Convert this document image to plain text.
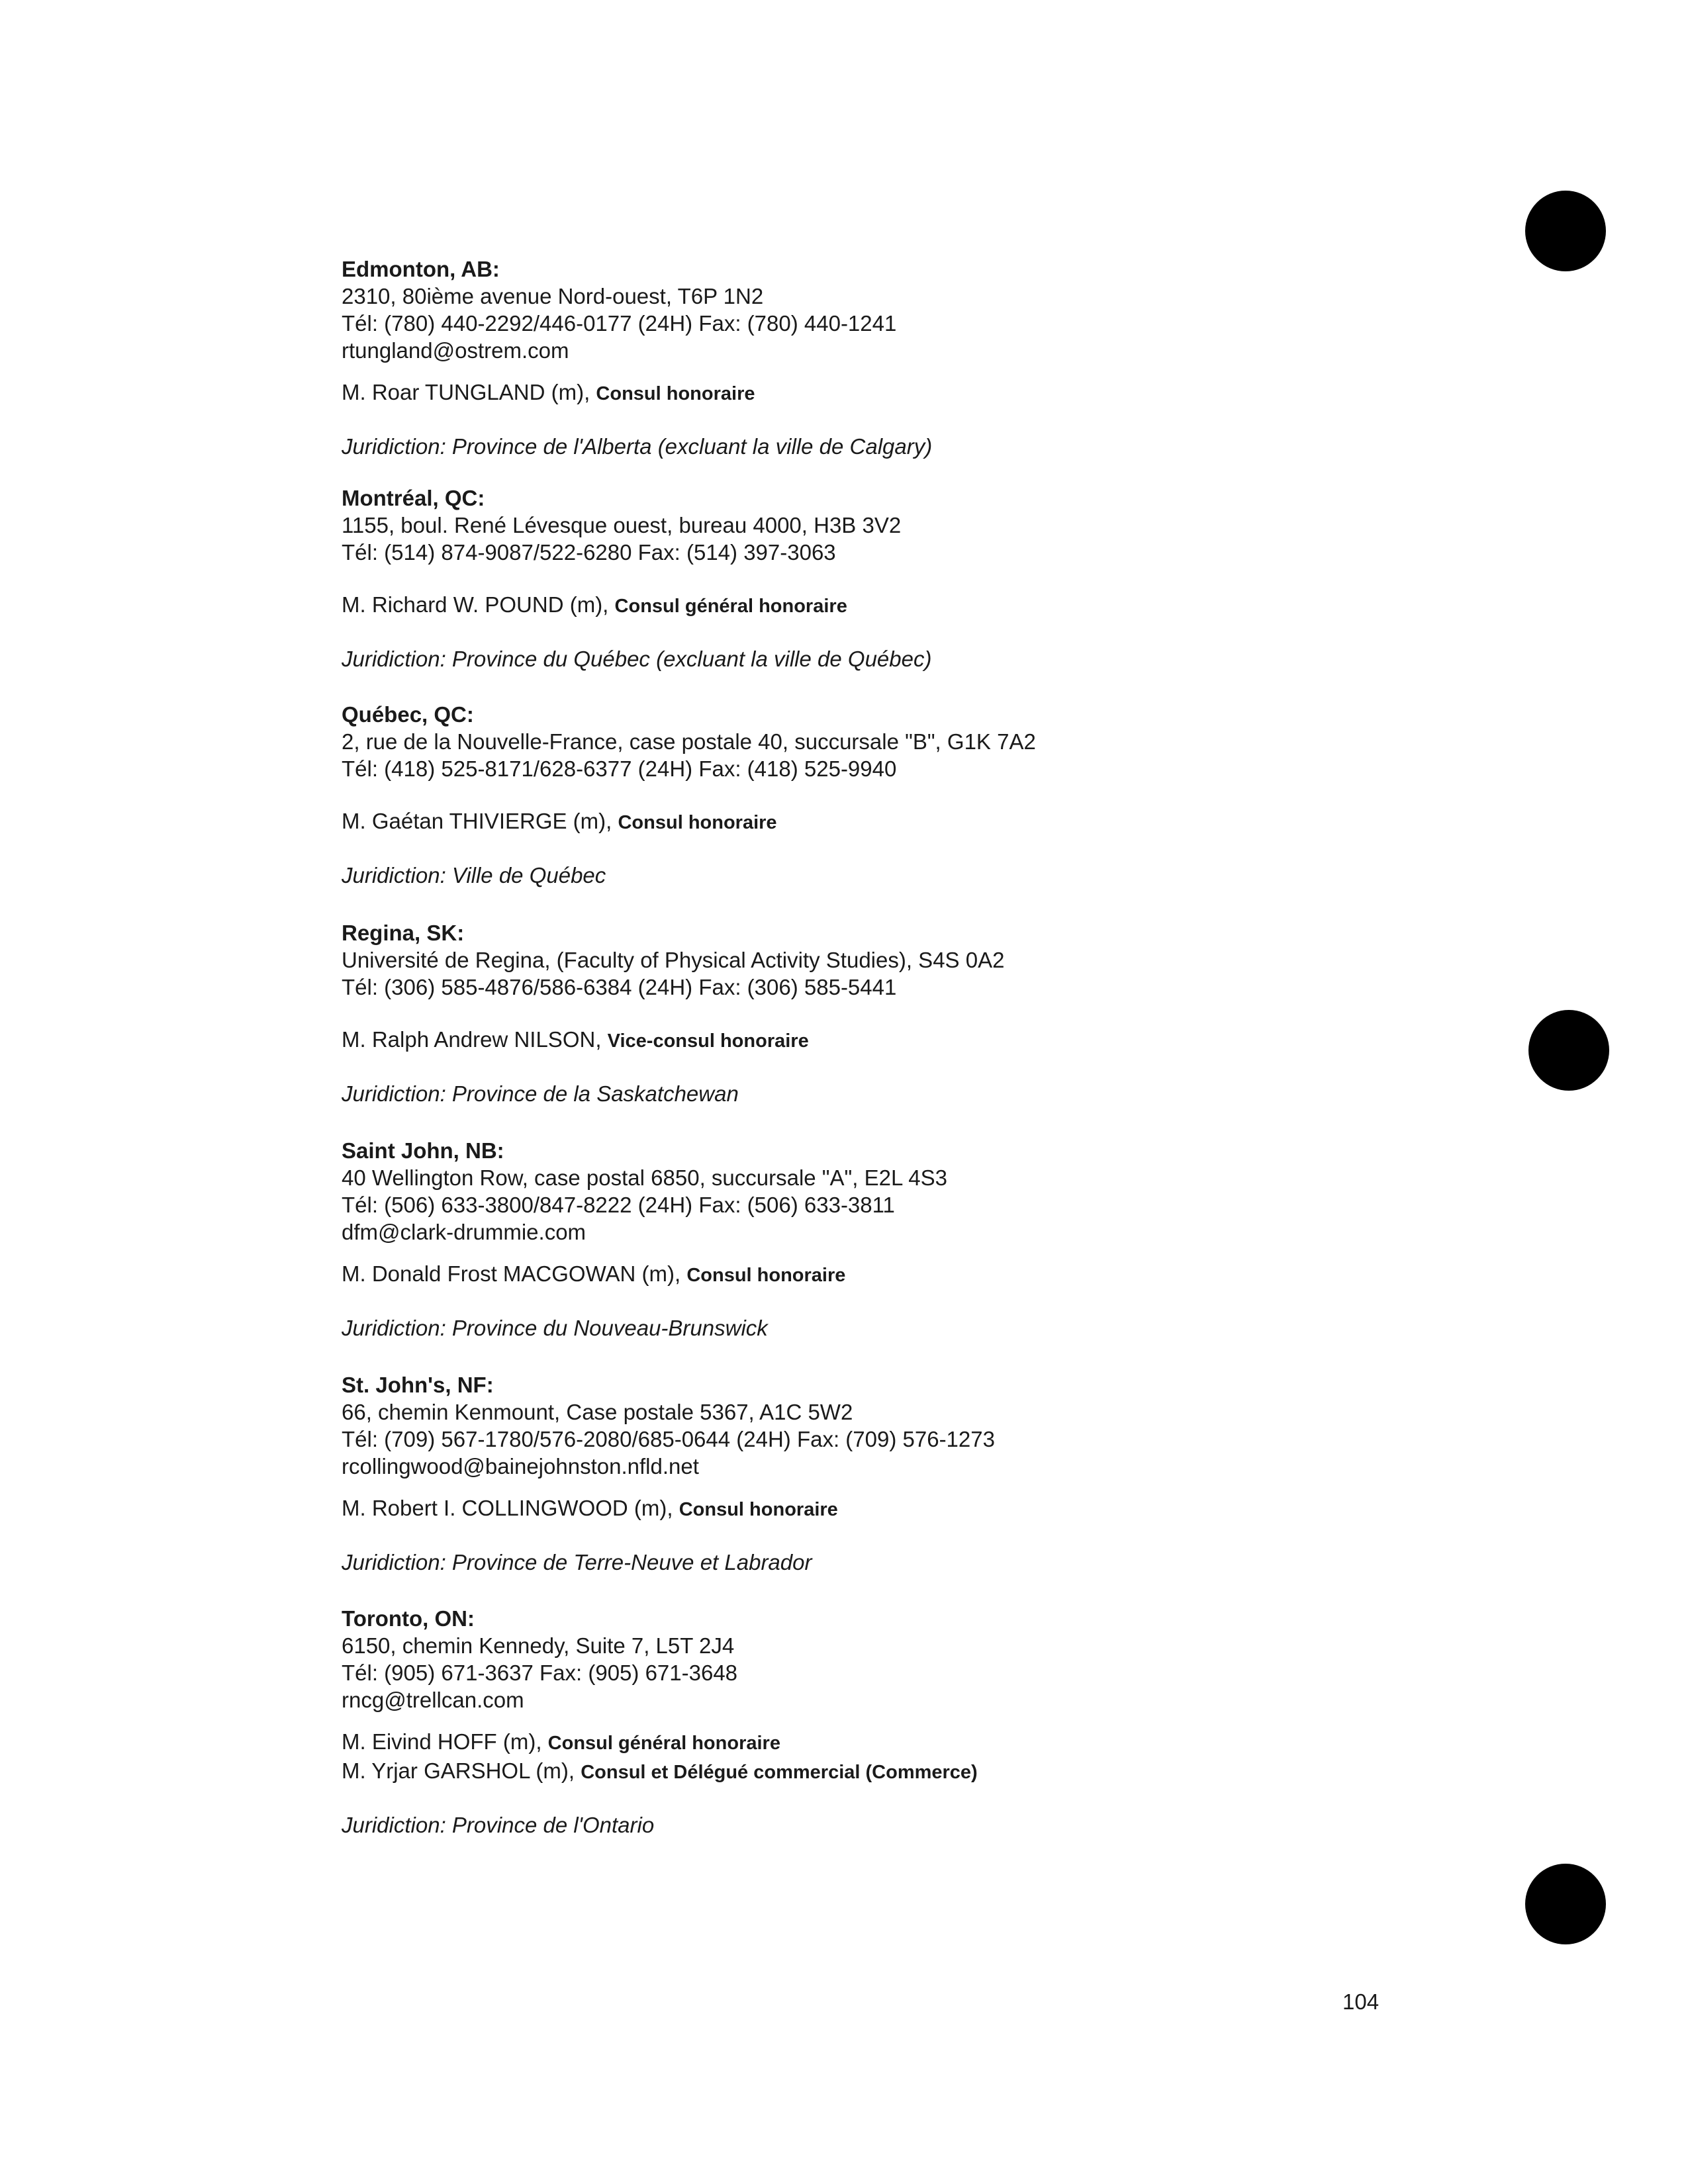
Edmonton, AB:
2310, 80ième avenue Nord-ouest, T6P 1N2
Tél: (780) 440-2292/446-0177 (24H) Fax: (780) 440-1241
rtungland@ostrem.com
M. Roar TUNGLAND (m), Consul honoraire
Juridiction: Province de l'Alberta (excluant la ville de Calgary)
Montréal, QC:
1155, boul. René Lévesque ouest, bureau 4000, H3B 3V2
Tél: (514) 874-9087/522-6280 Fax: (514) 397-3063
M. Richard W. POUND (m), Consul général honoraire
Juridiction: Province du Québec (excluant la ville de Québec)
Québec, QC:
2, rue de la Nouvelle-France, case postale 40, succursale "B", G1K 7A2
Tél: (418) 525-8171/628-6377 (24H) Fax: (418) 525-9940
M. Gaétan THIVIERGE (m), Consul honoraire
Juridiction: Ville de Québec
Regina, SK:
Université de Regina, (Faculty of Physical Activity Studies), S4S 0A2
Tél: (306) 585-4876/586-6384 (24H) Fax: (306) 585-5441
M. Ralph Andrew NILSON, Vice-consul honoraire
Juridiction: Province de la Saskatchewan
Saint John, NB:
40 Wellington Row, case postal 6850, succursale "A", E2L 4S3
Tél: (506) 633-3800/847-8222 (24H) Fax: (506) 633-3811
dfm@clark-drummie.com
M. Donald Frost MACGOWAN (m), Consul honoraire
Juridiction: Province du Nouveau-Brunswick
St. John's, NF:
66, chemin Kenmount, Case postale 5367, A1C 5W2
Tél: (709) 567-1780/576-2080/685-0644 (24H) Fax: (709) 576-1273
rcollingwood@bainejohnston.nfld.net
M. Robert I. COLLINGWOOD (m), Consul honoraire
Juridiction: Province de Terre-Neuve et Labrador
Toronto, ON:
6150, chemin Kennedy, Suite 7, L5T 2J4
Tél: (905) 671-3637 Fax: (905) 671-3648
rncg@trellcan.com
M. Eivind HOFF (m), Consul général honoraire
M. Yrjar GARSHOL (m), Consul et Délégué commercial (Commerce)
Juridiction: Province de l'Ontario
104
